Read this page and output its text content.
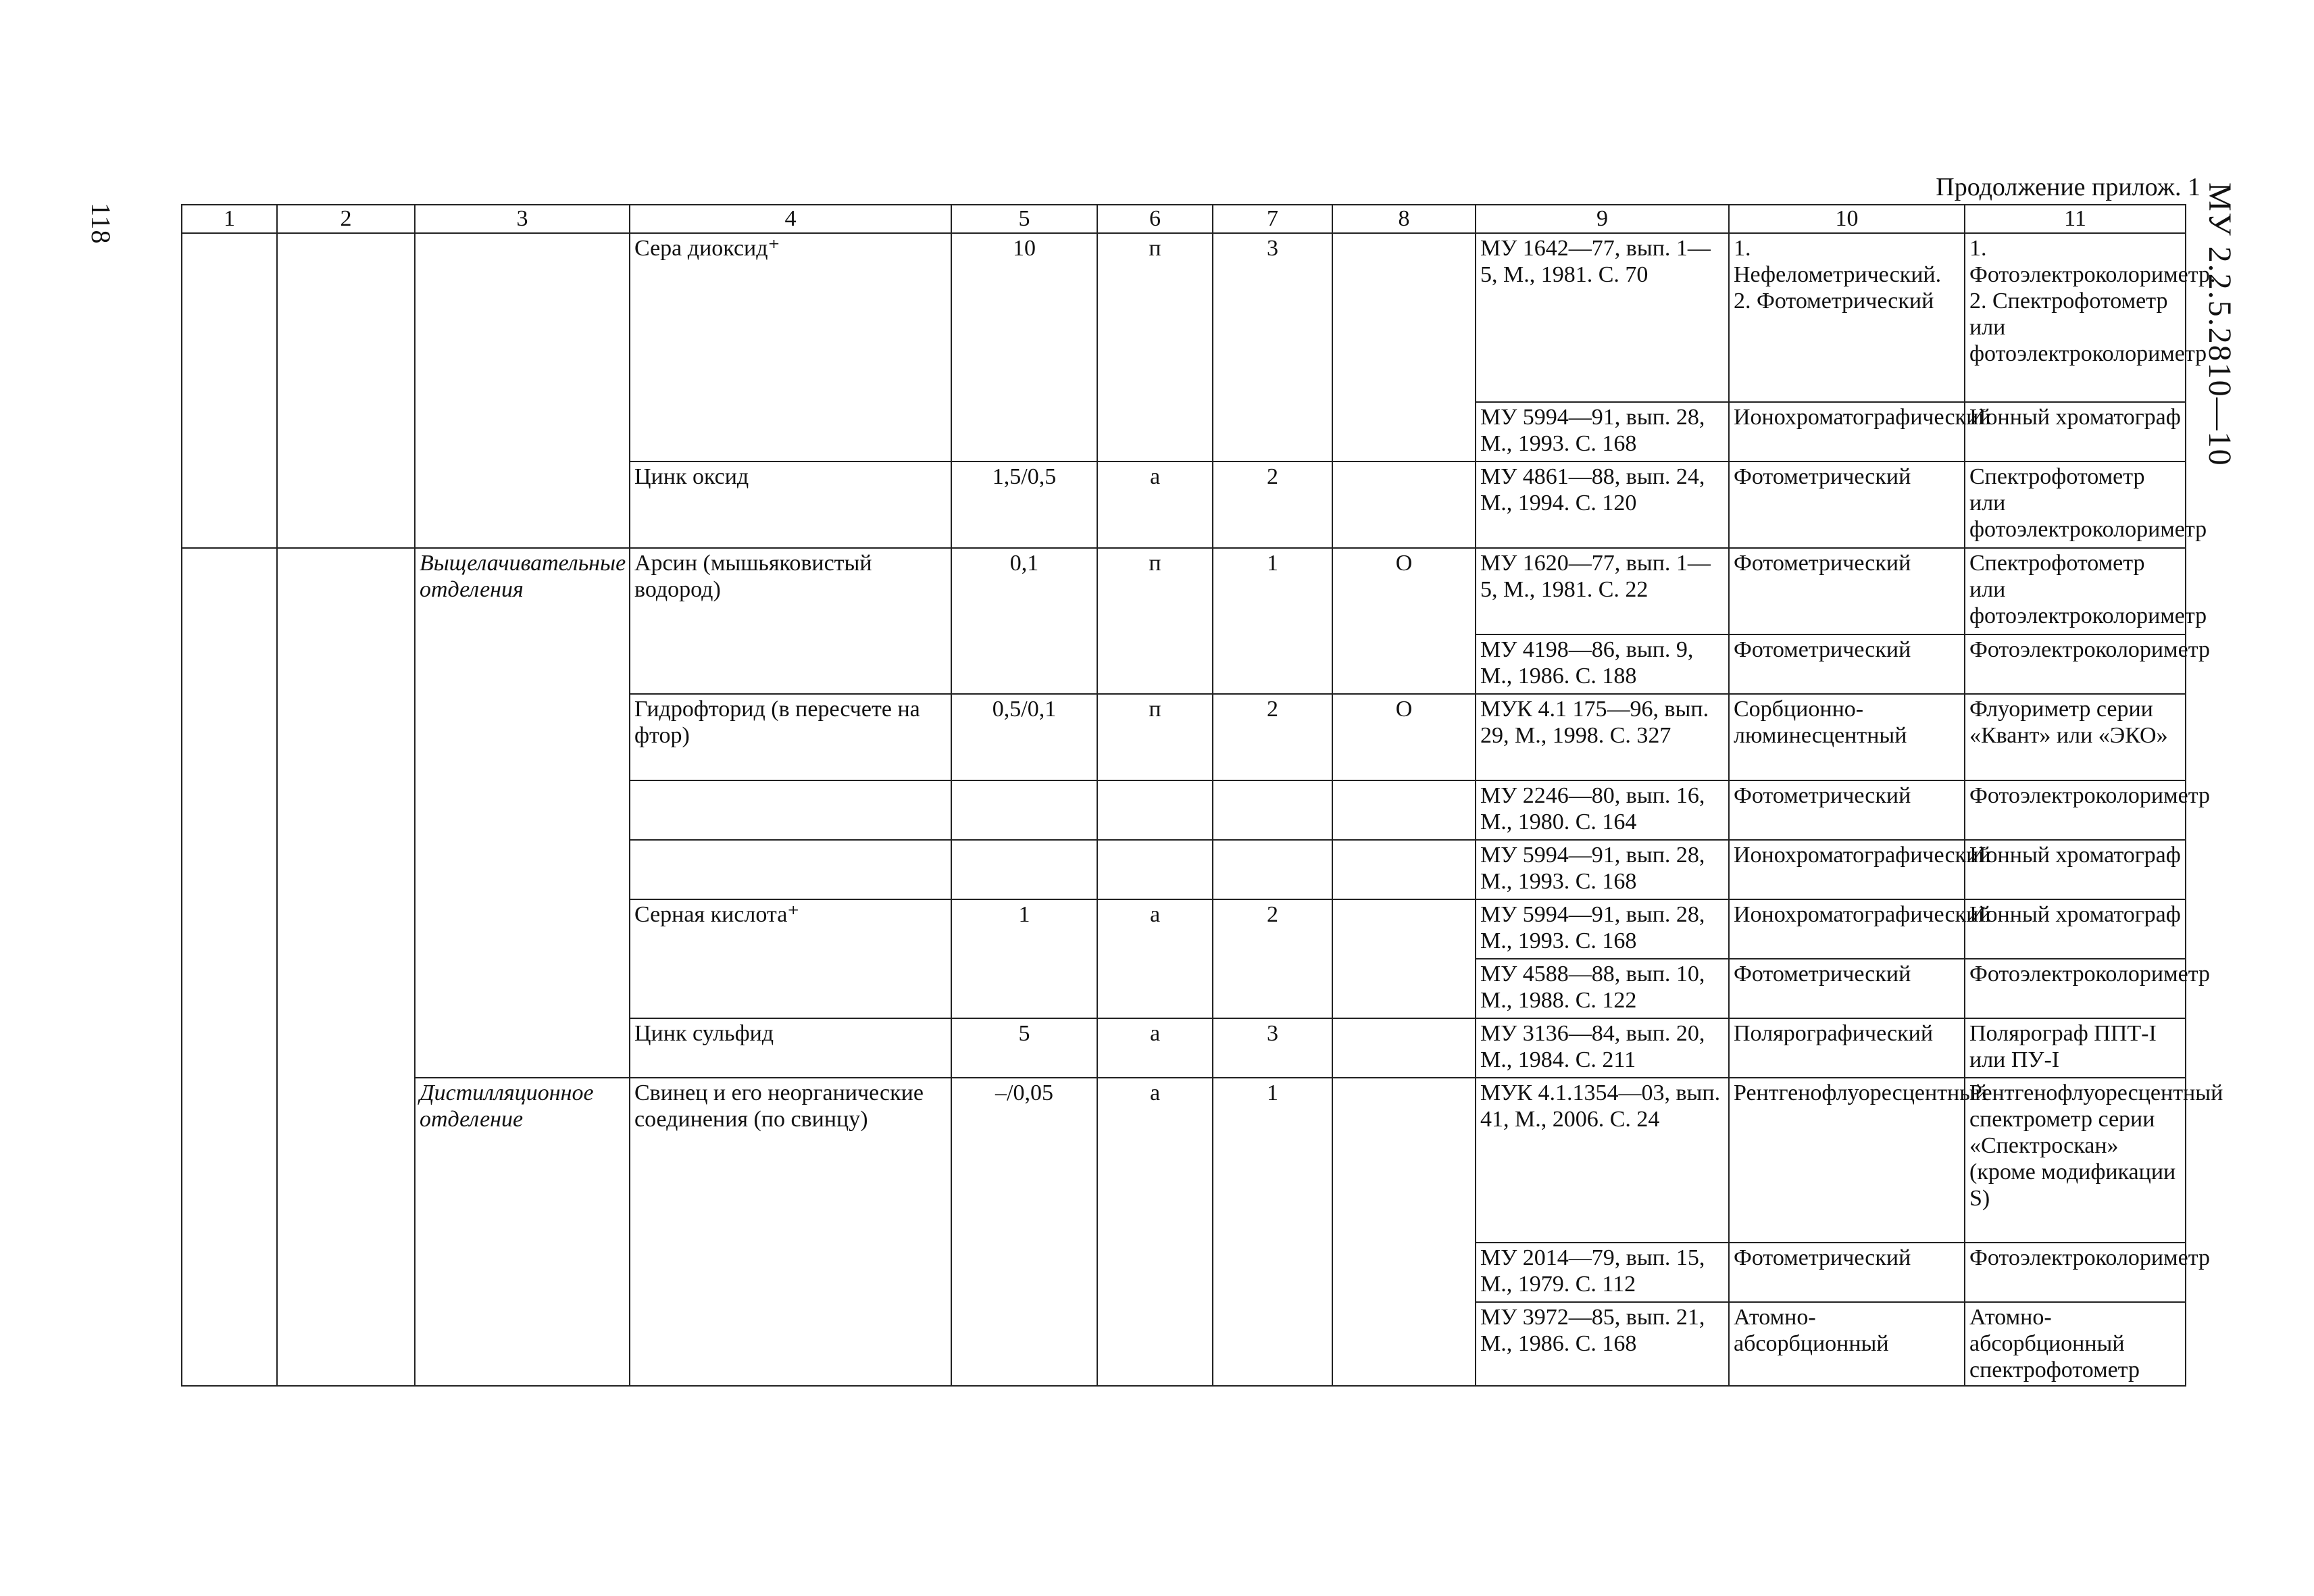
118	МУ 2.2.5.2810—10
Продолжение прилож. 1
1	2	3	4	5	6	7	8	9	10	11
			Сера диоксид⁺	10	п	3		МУ 1642—77, вып. 1—5, М., 1981. С. 70	1. Нефелометрический. 2. Фотометрический	1. Фотоэлектроколориметр. 2. Спектрофотометр или фотоэлектроколориметр
								МУ 5994—91, вып. 28, М., 1993. С. 168	Ионохроматографический	Ионный хроматограф
			Цинк оксид	1,5/0,5	а	2		МУ 4861—88, вып. 24, М., 1994. С. 120	Фотометрический	Спектрофотометр или фотоэлектроколориметр
		Выщелачивательные отделения	Арсин (мышьяковистый водород)	0,1	п	1	О	МУ 1620—77, вып. 1—5, М., 1981. С. 22	Фотометрический	Спектрофотометр или фотоэлектроколориметр
								МУ 4198—86, вып. 9, М., 1986. С. 188	Фотометрический	Фотоэлектроколориметр
			Гидрофторид (в пересчете на фтор)	0,5/0,1	п	2	О	МУК 4.1 175—96, вып. 29, М., 1998. С. 327	Сорбционно-люминесцентный	Флуориметр серии «Квант» или «ЭКО»
								МУ 2246—80, вып. 16, М., 1980. С. 164	Фотометрический	Фотоэлектроколориметр
								МУ 5994—91, вып. 28, М., 1993. С. 168	Ионохроматографический	Ионный хроматограф
			Серная кислота⁺	1	а	2		МУ 5994—91, вып. 28, М., 1993. С. 168	Ионохроматографический	Ионный хроматограф
								МУ 4588—88, вып. 10, М., 1988. С. 122	Фотометрический	Фотоэлектроколориметр
			Цинк сульфид	5	а	3		МУ 3136—84, вып. 20, М., 1984. С. 211	Полярографический	Полярограф ППТ-I или ПУ-I
		Дистилляционное отделение	Свинец и его неорганические соединения (по свинцу)	–/0,05	а	1		МУК 4.1.1354—03, вып. 41, М., 2006. С. 24	Рентгенофлуоресцентный	Рентгенофлуоресцентный спектрометр серии «Спектроскан» (кроме модификации S)
								МУ 2014—79, вып. 15, М., 1979. С. 112	Фотометрический	Фотоэлектроколориметр
								МУ 3972—85, вып. 21, М., 1986. С. 168	Атомно-абсорбционный	Атомно-абсорбционный спектрофотометр
